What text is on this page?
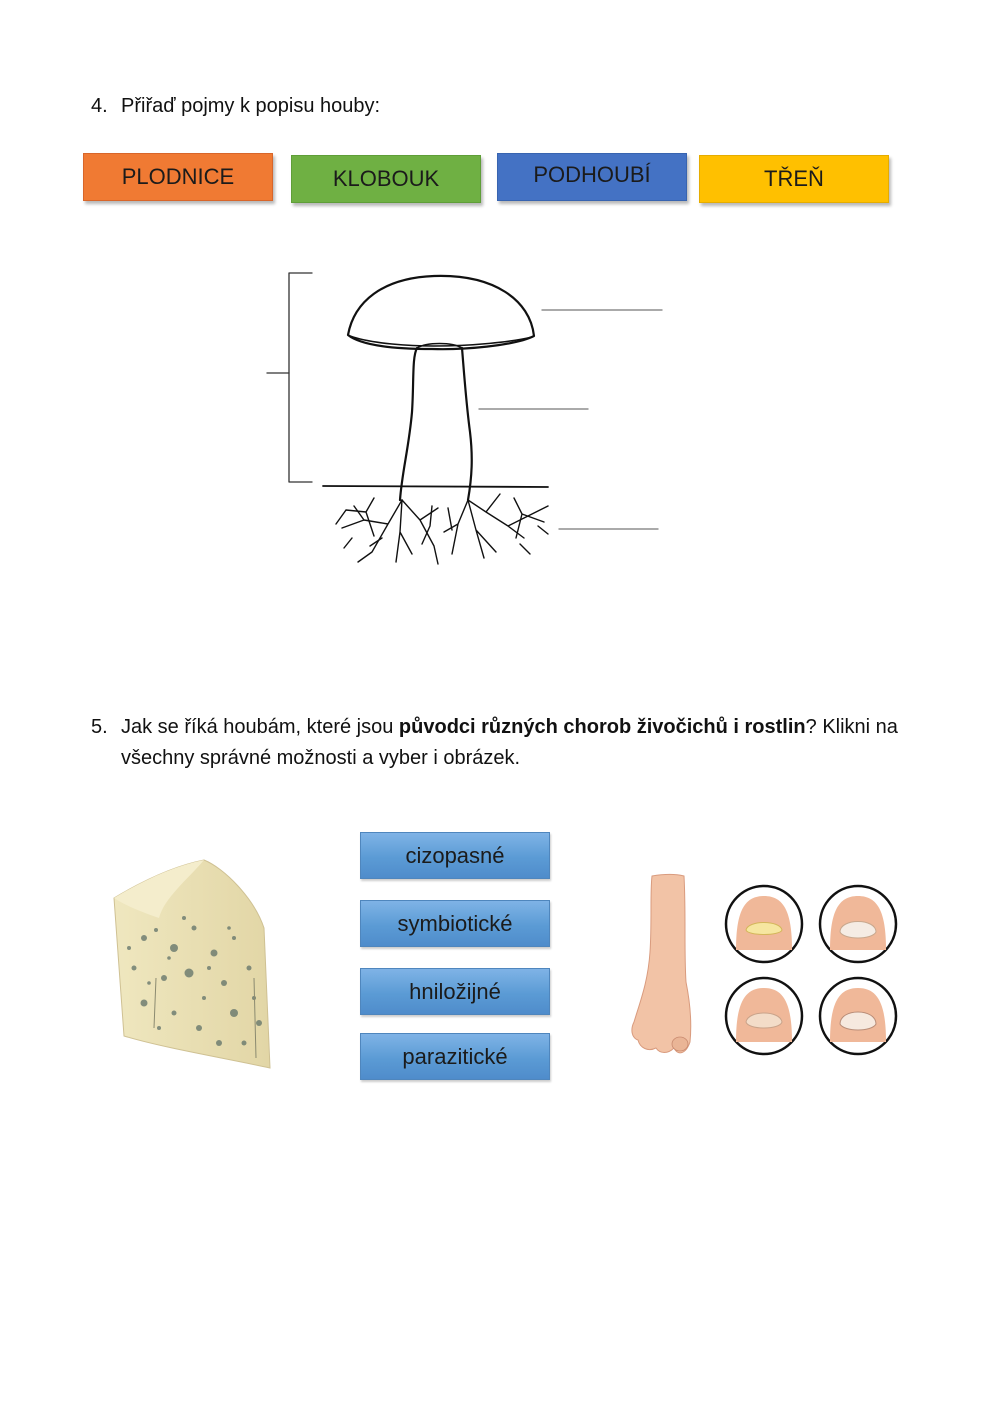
4. Přiřaď pojmy k popisu houby:
PLODNICE	KLOBOUK	PODHOUBÍ	TŘEŇ
5. Jak se říká houbám, které jsou původci různých chorob živočichů i rostlin? Klikni na všechny správné možnosti a vyber i obrázek.
cizopasné
symbiotické
hniložijné
parazitické
